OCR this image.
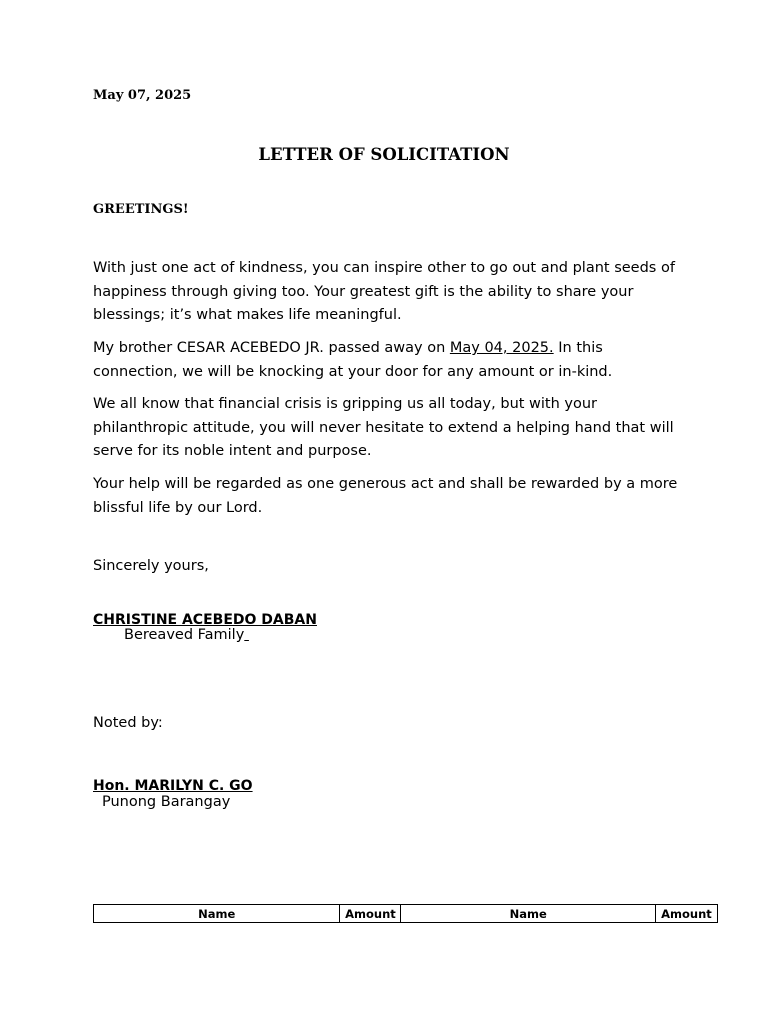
May 07, 2025
LETTER OF SOLICITATION
GREETINGS!

With just one act of kindness, you can inspire other to go out and plant seeds of happiness through giving too. Your greatest gift is the ability to share your blessings; it’s what makes life meaningful.

My brother CESAR ACEBEDO JR. passed away on May 04, 2025. In this connection, we will be knocking at your door for any amount or in-kind.

We all know that financial crisis is gripping us all today, but with your philanthropic attitude, you will never hesitate to extend a helping hand that will serve for its noble intent and purpose.

Your help will be regarded as one generous act and shall be rewarded by a more blissful life by our Lord.

Sincerely yours,
CHRISTINE ACEBEDO DABAN
Bereaved Family
Noted by:
Hon. MARILYN C. GO
Punong Barangay
Name	Amount	Name	Amount
